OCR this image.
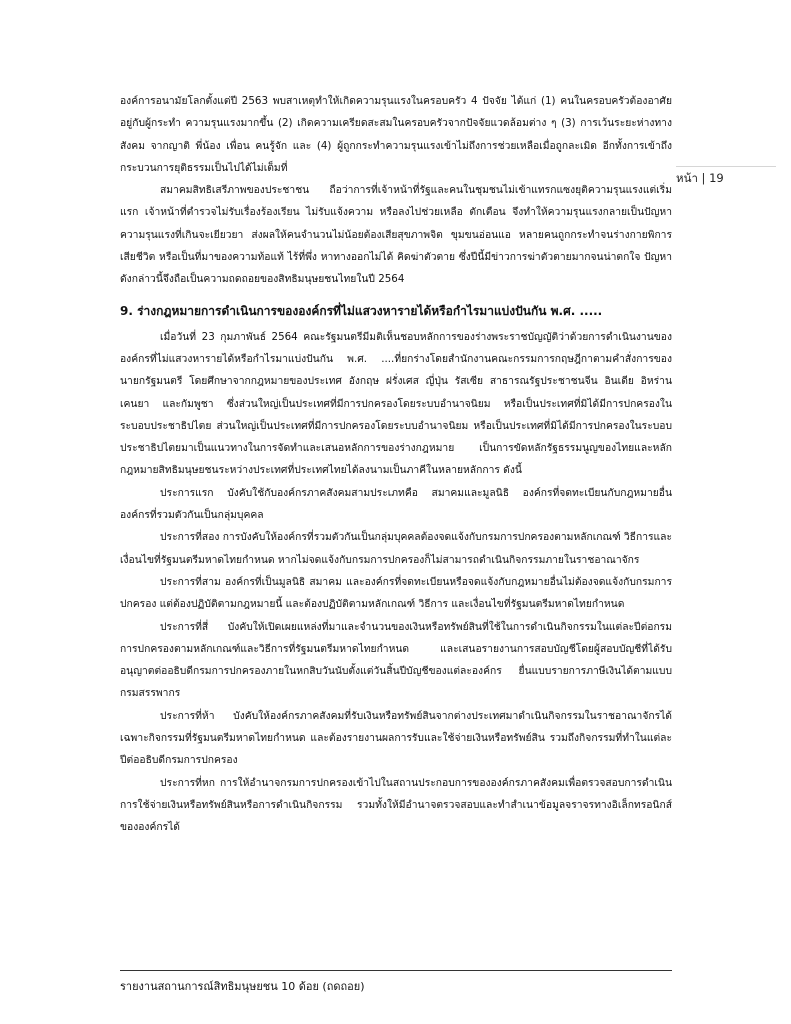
หน้า | 19

องค์การอนามัยโลกตั้งแต่ปี 2563 พบสาเหตุทำให้เกิดความรุนแรงในครอบครัว 4 ปัจจัย ได้แก่ (1) คนในครอบครัวต้องอาศัยอยู่กับผู้กระทำ ความรุนแรงมากขึ้น (2) เกิดความเครียดสะสมในครอบครัวจากปัจจัยแวดล้อมต่าง ๆ (3) การเว้นระยะห่างทางสังคม จากญาติ พี่น้อง เพื่อน คนรู้จัก และ (4) ผู้ถูกกระทำความรุนแรงเข้าไม่ถึงการช่วยเหลือเมื่อถูกละเมิด อีกทั้งการเข้าถึงกระบวนการยุติธรรมเป็นไปได้ไม่เต็มที่

สมาคมสิทธิเสรีภาพของประชาชน ถือว่าการที่เจ้าหน้าที่รัฐและคนในชุมชนไม่เข้าแทรกแซงยุติความรุนแรงแต่เริ่มแรก เจ้าหน้าที่ตำรวจไม่รับเรื่องร้องเรียน ไม่รับแจ้งความ หรือลงไปช่วยเหลือ ตักเตือน จึงทำให้ความรุนแรงกลายเป็นปัญหาความรุนแรงที่เกินจะเยียวยา ส่งผลให้คนจำนวนไม่น้อยต้องเสียสุขภาพจิต ขุมขนอ่อนแอ หลายคนถูกกระทำจนร่างกายพิการ เสียชีวิต หรือเป็นที่มาของความท้อแท้ ไร้ที่พึ่ง หาทางออกไม่ได้ คิดฆ่าตัวตาย ซึ่งปีนี้มีข่าวการฆ่าตัวตายมากจนน่าตกใจ ปัญหาดังกล่าวนี้จึงถือเป็นความถดถอยของสิทธิมนุษยชนไทยในปี 2564

9. ร่างกฎหมายการดำเนินการขององค์กรที่ไม่แสวงหารายได้หรือกำไรมาแบ่งปันกัน พ.ศ. .....

เมื่อวันที่ 23 กุมภาพันธ์ 2564 คณะรัฐมนตรีมีมติเห็นชอบหลักการของร่างพระราชบัญญัติว่าด้วยการดำเนินงานขององค์กรที่ไม่แสวงหารายได้หรือกำไรมาแบ่งปันกัน พ.ศ. ....ที่ยกร่างโดยสำนักงานคณะกรรมการกฤษฎีกาตามคำสั่งการของนายกรัฐมนตรี โดยศึกษาจากกฎหมายของประเทศ อังกฤษ ฝรั่งเศส ญี่ปุ่น รัสเซีย สาธารณรัฐประชาชนจีน อินเดีย อิหร่าน เคนยา และกัมพูชา ซึ่งส่วนใหญ่เป็นประเทศที่มีการปกครองโดยระบบอำนาจนิยม หรือเป็นประเทศที่มิได้มีการปกครองในระบอบประชาธิปไตย ส่วนใหญ่เป็นประเทศที่มีการปกครองโดยระบบอำนาจนิยม หรือเป็นประเทศที่มิได้มีการปกครองในระบอบประชาธิปไตยมาเป็นแนวทางในการจัดทำและเสนอหลักการของร่างกฎหมาย เป็นการขัดหลักรัฐธรรมนูญของไทยและหลักกฎหมายสิทธิมนุษยชนระหว่างประเทศที่ประเทศไทยได้ลงนามเป็นภาคีในหลายหลักการ ดังนี้

ประการแรก บังคับใช้กับองค์กรภาคสังคมสามประเภทคือ สมาคมและมูลนิธิ องค์กรที่จดทะเบียนกับกฎหมายอื่น องค์กรที่รวมตัวกันเป็นกลุ่มบุคคล

ประการที่สอง การบังคับให้องค์กรที่รวมตัวกันเป็นกลุ่มบุคคลต้องจดแจ้งกับกรมการปกครองตามหลักเกณฑ์ วิธีการและเงื่อนไขที่รัฐมนตรีมหาดไทยกำหนด หากไม่จดแจ้งกับกรมการปกครองก็ไม่สามารถดำเนินกิจกรรมภายในราชอาณาจักร

ประการที่สาม องค์กรที่เป็นมูลนิธิ สมาคม และองค์กรที่จดทะเบียนหรือจดแจ้งกับกฎหมายอื่นไม่ต้องจดแจ้งกับกรมการปกครอง แต่ต้องปฏิบัติตามกฎหมายนี้ และต้องปฏิบัติตามหลักเกณฑ์ วิธีการ และเงื่อนไขที่รัฐมนตรีมหาดไทยกำหนด

ประการที่สี่ บังคับให้เปิดเผยแหล่งที่มาและจำนวนของเงินหรือทรัพย์สินที่ใช้ในการดำเนินกิจกรรมในแต่ละปีต่อกรมการปกครองตามหลักเกณฑ์และวิธีการที่รัฐมนตรีมหาดไทยกำหนด และเสนอรายงานการสอบบัญชีโดยผู้สอบบัญชีที่ได้รับอนุญาตต่ออธิบดีกรมการปกครองภายในหกสิบวันนับตั้งแต่วันสิ้นปีบัญชีของแต่ละองค์กร ยื่นแบบรายการภาษีเงินได้ตามแบบกรมสรรพากร

ประการที่ห้า บังคับให้องค์กรภาคสังคมที่รับเงินหรือทรัพย์สินจากต่างประเทศมาดำเนินกิจกรรมในราชอาณาจักรได้เฉพาะกิจกรรมที่รัฐมนตรีมหาดไทยกำหนด และต้องรายงานผลการรับและใช้จ่ายเงินหรือทรัพย์สิน รวมถึงกิจกรรมที่ทำในแต่ละปีต่ออธิบดีกรมการปกครอง

ประการที่หก การให้อำนาจกรมการปกครองเข้าไปในสถานประกอบการขององค์กรภาคสังคมเพื่อตรวจสอบการดำเนินการใช้จ่ายเงินหรือทรัพย์สินหรือการดำเนินกิจกรรม รวมทั้งให้มีอำนาจตรวจสอบและทำสำเนาข้อมูลจราจรทางอิเล็กทรอนิกส์ขององค์กรได้

รายงานสถานการณ์สิทธิมนุษยชน 10 ด้อย (ถดถอย)
